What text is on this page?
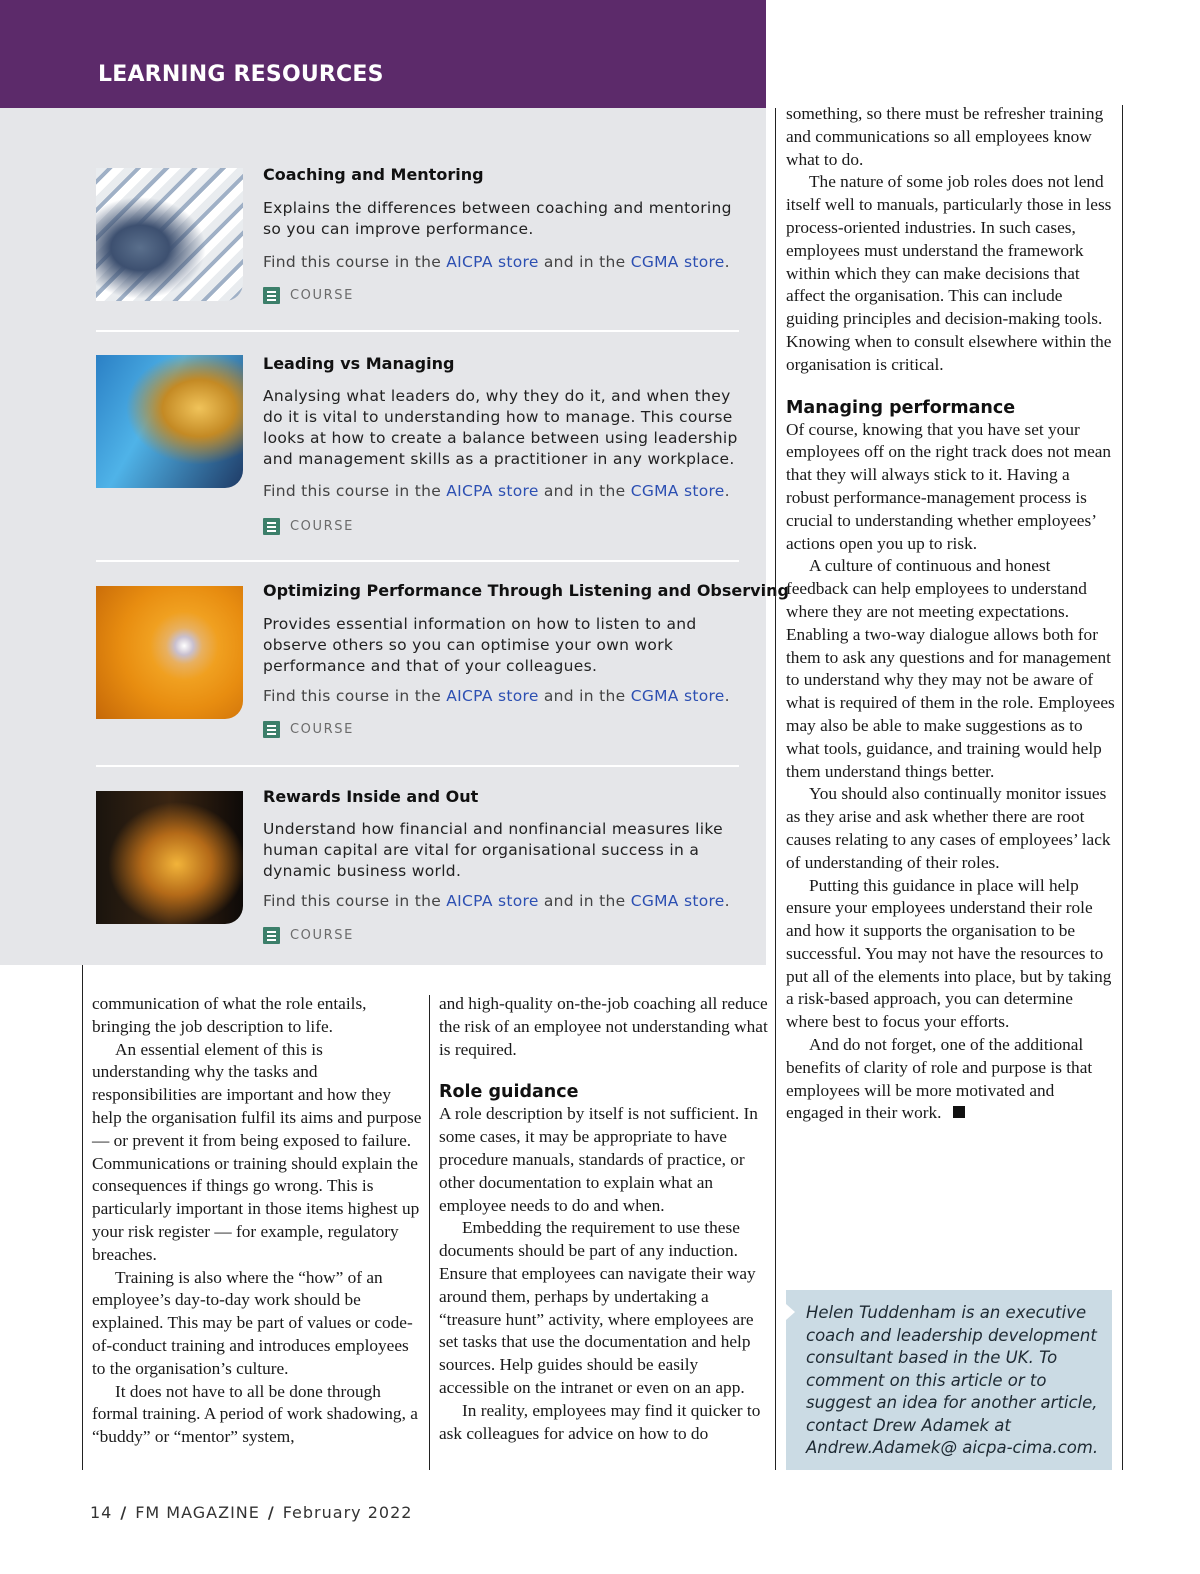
LEARNING RESOURCES
Coaching and Mentoring
Explains the differences between coaching and mentoring so you can improve performance.
Find this course in the AICPA store and in the CGMA store.
COURSE
Leading vs Managing
Analysing what leaders do, why they do it, and when they do it is vital to understanding how to manage. This course looks at how to create a balance between using leadership and management skills as a practitioner in any workplace.
Find this course in the AICPA store and in the CGMA store.
COURSE
Optimizing Performance Through Listening and Observing
Provides essential information on how to listen to and observe others so you can optimise your own work performance and that of your colleagues.
Find this course in the AICPA store and in the CGMA store.
COURSE
Rewards Inside and Out
Understand how financial and nonfinancial measures like human capital are vital for organisational success in a dynamic business world.
Find this course in the AICPA store and in the CGMA store.
COURSE

communication of what the role entails, bringing the job description to life.

An essential element of this is understanding why the tasks and responsibilities are important and how they help the organisation fulfil its aims and purpose — or prevent it from being exposed to failure. Communications or training should explain the consequences if things go wrong. This is particularly important in those items highest up your risk register — for example, regulatory breaches.

Training is also where the “how” of an employee’s day-to-day work should be explained. This may be part of values or code-of-conduct training and introduces employees to the organisation’s culture.

It does not have to all be done through formal training. A period of work shadowing, a “buddy” or “mentor” system,

and high-quality on-the-job coaching all reduce the risk of an employee not understanding what is required.

Role guidance

A role description by itself is not sufficient. In some cases, it may be appropriate to have procedure manuals, standards of practice, or other documentation to explain what an employee needs to do and when.

Embedding the requirement to use these documents should be part of any induction. Ensure that employees can navigate their way around them, perhaps by undertaking a “treasure hunt” activity, where employees are set tasks that use the documentation and help sources. Help guides should be easily accessible on the intranet or even on an app.

In reality, employees may find it quicker to ask colleagues for advice on how to do

something, so there must be refresher training and communications so all employees know what to do.

The nature of some job roles does not lend itself well to manuals, particularly those in less process-oriented industries. In such cases, employees must understand the framework within which they can make decisions that affect the organisation. This can include guiding principles and decision-making tools. Knowing when to consult elsewhere within the organisation is critical.

Managing performance

Of course, knowing that you have set your employees off on the right track does not mean that they will always stick to it. Having a robust performance-management process is crucial to understanding whether employees’ actions open you up to risk.

A culture of continuous and honest feedback can help employees to understand where they are not meeting expectations. Enabling a two-way dialogue allows both for them to ask any questions and for management to understand why they may not be aware of what is required of them in the role. Employees may also be able to make suggestions as to what tools, guidance, and training would help them understand things better.

You should also continually monitor issues as they arise and ask whether there are root causes relating to any cases of employees’ lack of understanding of their roles.

Putting this guidance in place will help ensure your employees understand their role and how it supports the organisation to be successful. You may not have the resources to put all of the elements into place, but by taking a risk-based approach, you can determine where best to focus your efforts.

And do not forget, one of the additional benefits of clarity of role and purpose is that employees will be more motivated and engaged in their work.

Helen Tuddenham is an executive coach and leadership development consultant based in the UK. To comment on this article or to suggest an idea for another article, contact Drew Adamek at Andrew.Adamek@ aicpa-cima.com.
14 / FM MAGAZINE / February 2022
